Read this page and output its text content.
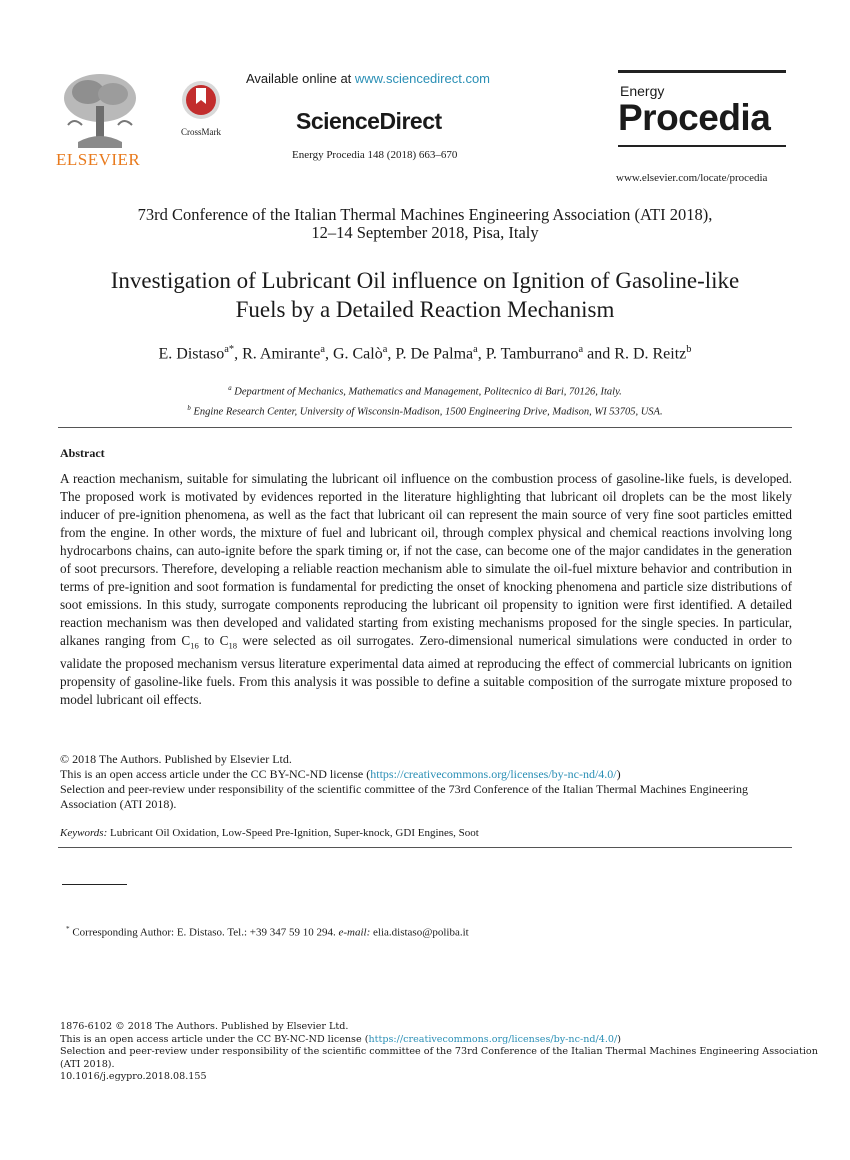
ELSEVIER
CrossMark
Available online at www.sciencedirect.com
ScienceDirect
Energy Procedia 148 (2018) 663–670
Energy
Procedia
www.elsevier.com/locate/procedia
73rd Conference of the Italian Thermal Machines Engineering Association (ATI 2018),
12–14 September 2018, Pisa, Italy
Investigation of Lubricant Oil influence on Ignition of Gasoline-like
Fuels by a Detailed Reaction Mechanism
E. Distaso$^{a*}$, R. Amirante$^a$, G. Calò$^a$, P. De Palma$^a$, P. Tamburrano$^a$ and R. D. Reitz$^b$
$^a$ Department of Mechanics, Mathematics and Management, Politecnico di Bari, 70126, Italy.
$^b$ Engine Research Center, University of Wisconsin-Madison, 1500 Engineering Drive, Madison, WI 53705, USA.
Abstract
A reaction mechanism, suitable for simulating the lubricant oil influence on the combustion process of gasoline-like fuels, is developed. The proposed work is motivated by evidences reported in the literature highlighting that lubricant oil droplets can be the most likely inducer of pre-ignition phenomena, as well as the fact that lubricant oil can represent the main source of very fine soot particles emitted from the engine. In other words, the mixture of fuel and lubricant oil, through complex physical and chemical reactions involving long hydrocarbons chains, can auto-ignite before the spark timing or, if not the case, can become one of the major candidates in the generation of soot precursors. Therefore, developing a reliable reaction mechanism able to simulate the oil-fuel mixture behavior and contribution in terms of pre-ignition and soot formation is fundamental for predicting the onset of knocking phenomena and particle size distributions of soot emissions. In this study, surrogate components reproducing the lubricant oil propensity to ignition were first identified. A detailed reaction mechanism was then developed and validated starting from existing mechanisms proposed for the single species. In particular, alkanes ranging from $C_{16}$ to $C_{18}$ were selected as oil surrogates. Zero-dimensional numerical simulations were conducted in order to validate the proposed mechanism versus literature experimental data aimed at reproducing the effect of commercial lubricants on ignition propensity of gasoline-like fuels. From this analysis it was possible to define a suitable composition of the surrogate mixture proposed to model lubricant oil effects.
© 2018 The Authors. Published by Elsevier Ltd.
This is an open access article under the CC BY-NC-ND license (https://creativecommons.org/licenses/by-nc-nd/4.0/)
Selection and peer-review under responsibility of the scientific committee of the 73rd Conference of the Italian Thermal Machines Engineering Association (ATI 2018).
Keywords: Lubricant Oil Oxidation, Low-Speed Pre-Ignition, Super-knock, GDI Engines, Soot
* Corresponding Author: E. Distaso. Tel.: +39 347 59 10 294. e-mail: elia.distaso@poliba.it
1876-6102 © 2018 The Authors. Published by Elsevier Ltd.
This is an open access article under the CC BY-NC-ND license (https://creativecommons.org/licenses/by-nc-nd/4.0/)
Selection and peer-review under responsibility of the scientific committee of the 73rd Conference of the Italian Thermal Machines Engineering Association (ATI 2018).
10.1016/j.egypro.2018.08.155
